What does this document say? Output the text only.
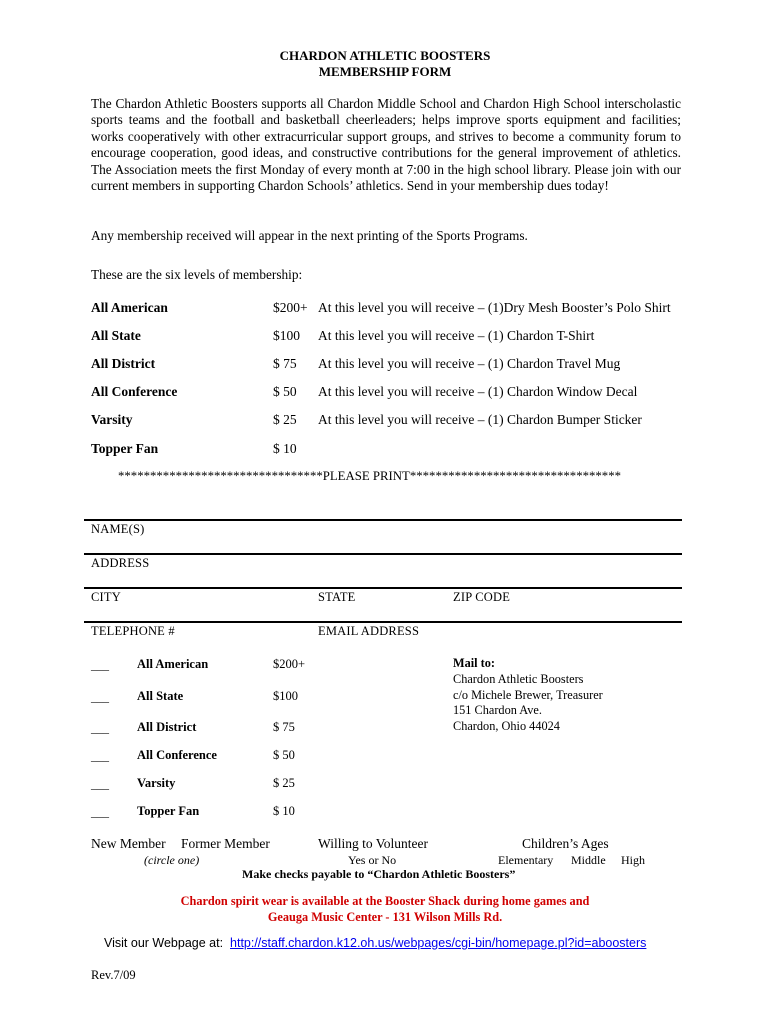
CHARDON ATHLETIC BOOSTERS
MEMBERSHIP FORM
The Chardon Athletic Boosters supports all Chardon Middle School and Chardon High School interscholastic sports teams and the football and basketball cheerleaders; helps improve sports equipment and facilities; works cooperatively with other extracurricular support groups, and strives to become a community forum to encourage cooperation, good ideas, and constructive contributions for the general improvement of athletics. The Association meets the first Monday of every month at 7:00 in the high school library. Please join with our current members in supporting Chardon Schools’ athletics. Send in your membership dues today!
Any membership received will appear in the next printing of the Sports Programs.
These are the six levels of membership:
All American	$200+ At this level you will receive – (1)Dry Mesh Booster’s Polo Shirt
All State	$100 At this level you will receive – (1) Chardon T-Shirt
All District	$ 75 At this level you will receive – (1) Chardon Travel Mug
All Conference	$ 50 At this level you will receive – (1) Chardon Window Decal
Varsity	$ 25 At this level you will receive – (1) Chardon Bumper Sticker
Topper Fan	$ 10
********************************PLEASE PRINT*********************************
NAME(S)
ADDRESS
CITY	STATE	ZIP CODE
TELEPHONE #	EMAIL ADDRESS
___ All American	$200+
___ All State	$100
___ All District	$ 75
___ All Conference	$ 50
___ Varsity	$ 25
___ Topper Fan	$ 10
Mail to:
Chardon Athletic Boosters
c/o Michele Brewer, Treasurer
151 Chardon Ave.
Chardon, Ohio 44024
New Member Former Member	Willing to Volunteer	Children’s Ages
(circle one)	Yes or No	Elementary Middle High
Make checks payable to “Chardon Athletic Boosters”
Chardon spirit wear is available at the Booster Shack during home games and
Geauga Music Center - 131 Wilson Mills Rd.
Visit our Webpage at: http://staff.chardon.k12.oh.us/webpages/cgi-bin/homepage.pl?id=aboosters
Rev.7/09
